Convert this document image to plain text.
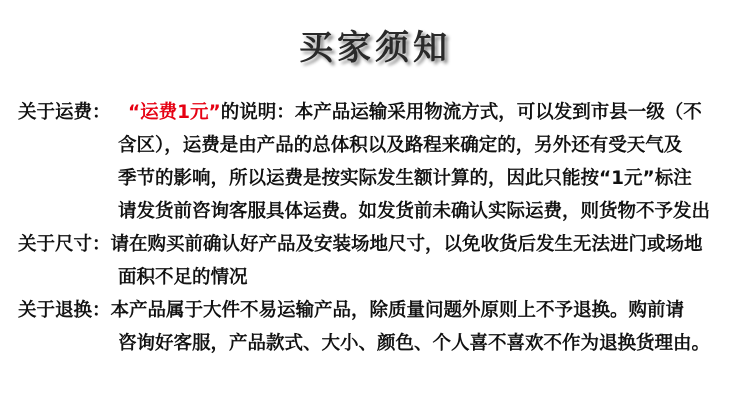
买家须知
关于运费： “运费1元”的说明：本产品运输采用物流方式，可以发到市县一级（不
含区），运费是由产品的总体积以及路程来确定的，另外还有受天气及
季节的影响，所以运费是按实际发生额计算的，因此只能按“1元”标注
请发货前咨询客服具体运费。如发货前未确认实际运费，则货物不予发出
关于尺寸：请在购买前确认好产品及安装场地尺寸，以免收货后发生无法进门或场地
面积不足的情况
关于退换：本产品属于大件不易运输产品，除质量问题外原则上不予退换。购前请
咨询好客服，产品款式、大小、颜色、个人喜不喜欢不作为退换货理由。
